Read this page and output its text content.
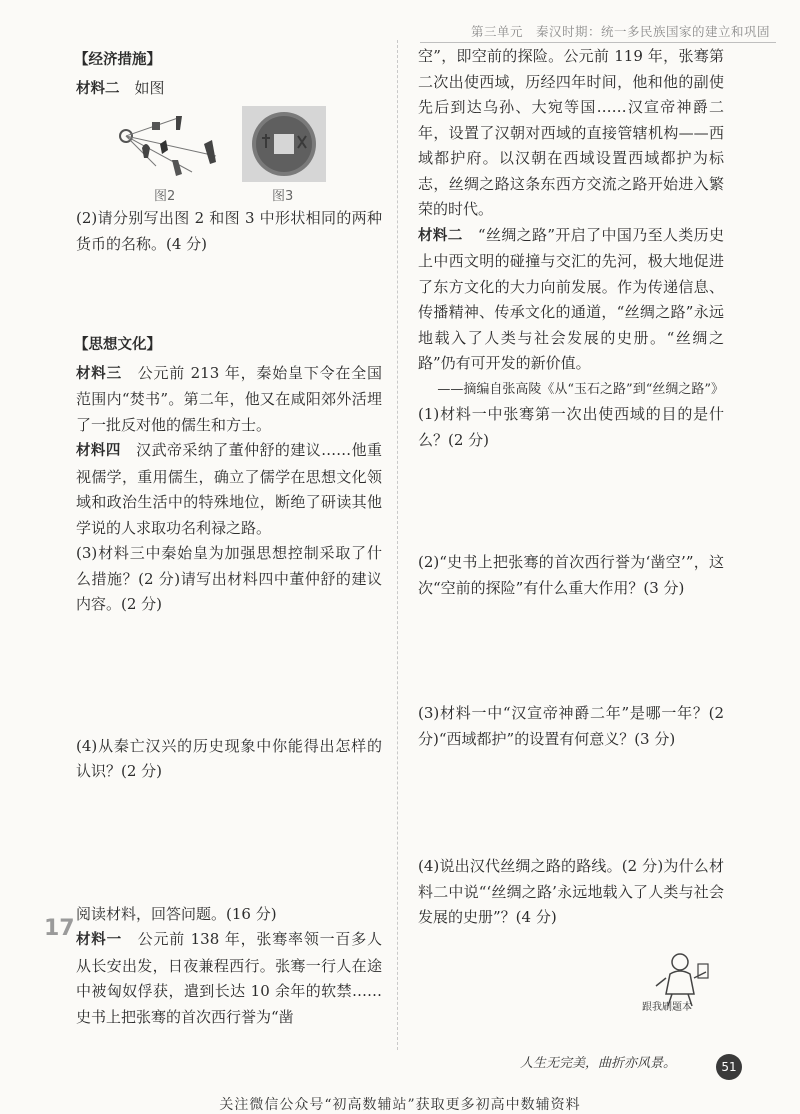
第三单元　秦汉时期：统一多民族国家的建立和巩固

【经济措施】

材料二　如图

图2	图3

(2)请分别写出图 2 和图 3 中形状相同的两种货币的名称。(4 分)

【思想文化】

材料三　公元前 213 年，秦始皇下令在全国范围内“焚书”。第二年，他又在咸阳郊外活埋了一批反对他的儒生和方士。

材料四　汉武帝采纳了董仲舒的建议……他重视儒学，重用儒生，确立了儒学在思想文化领域和政治生活中的特殊地位，断绝了研读其他学说的人求取功名利禄之路。

(3)材料三中秦始皇为加强思想控制采取了什么措施？(2 分)请写出材料四中董仲舒的建议内容。(2 分)

(4)从秦亡汉兴的历史现象中你能得出怎样的认识？(2 分)

阅读材料，回答问题。(16 分)

材料一　公元前 138 年，张骞率领一百多人从长安出发，日夜兼程西行。张骞一行人在途中被匈奴俘获，遣到长达 10 余年的软禁……史书上把张骞的首次西行誉为“凿

17

空”，即空前的探险。公元前 119 年，张骞第二次出使西域，历经四年时间，他和他的副使先后到达乌孙、大宛等国……汉宣帝神爵二年，设置了汉朝对西域的直接管辖机构——西域都护府。以汉朝在西域设置西域都护为标志，丝绸之路这条东西方交流之路开始进入繁荣的时代。

材料二　“丝绸之路”开启了中国乃至人类历史上中西文明的碰撞与交汇的先河，极大地促进了东方文化的大力向前发展。作为传递信息、传播精神、传承文化的通道，“丝绸之路”永远地载入了人类与社会发展的史册。“丝绸之路”仍有可开发的新价值。

——摘编自张高陵《从“玉石之路”到“丝绸之路”》

(1)材料一中张骞第一次出使西域的目的是什么？(2 分)

(2)“史书上把张骞的首次西行誉为‘凿空’”，这次“空前的探险”有什么重大作用？(3 分)

(3)材料一中“汉宣帝神爵二年”是哪一年？(2 分)“西域都护”的设置有何意义？(3 分)

(4)说出汉代丝绸之路的路线。(2 分)为什么材料二中说“‘丝绸之路’永远地载入了人类与社会发展的史册”？(4 分)

跟我刷题本
人生无完美，曲折亦风景。	51
关注微信公众号“初高数辅站”获取更多初高中数辅资料
